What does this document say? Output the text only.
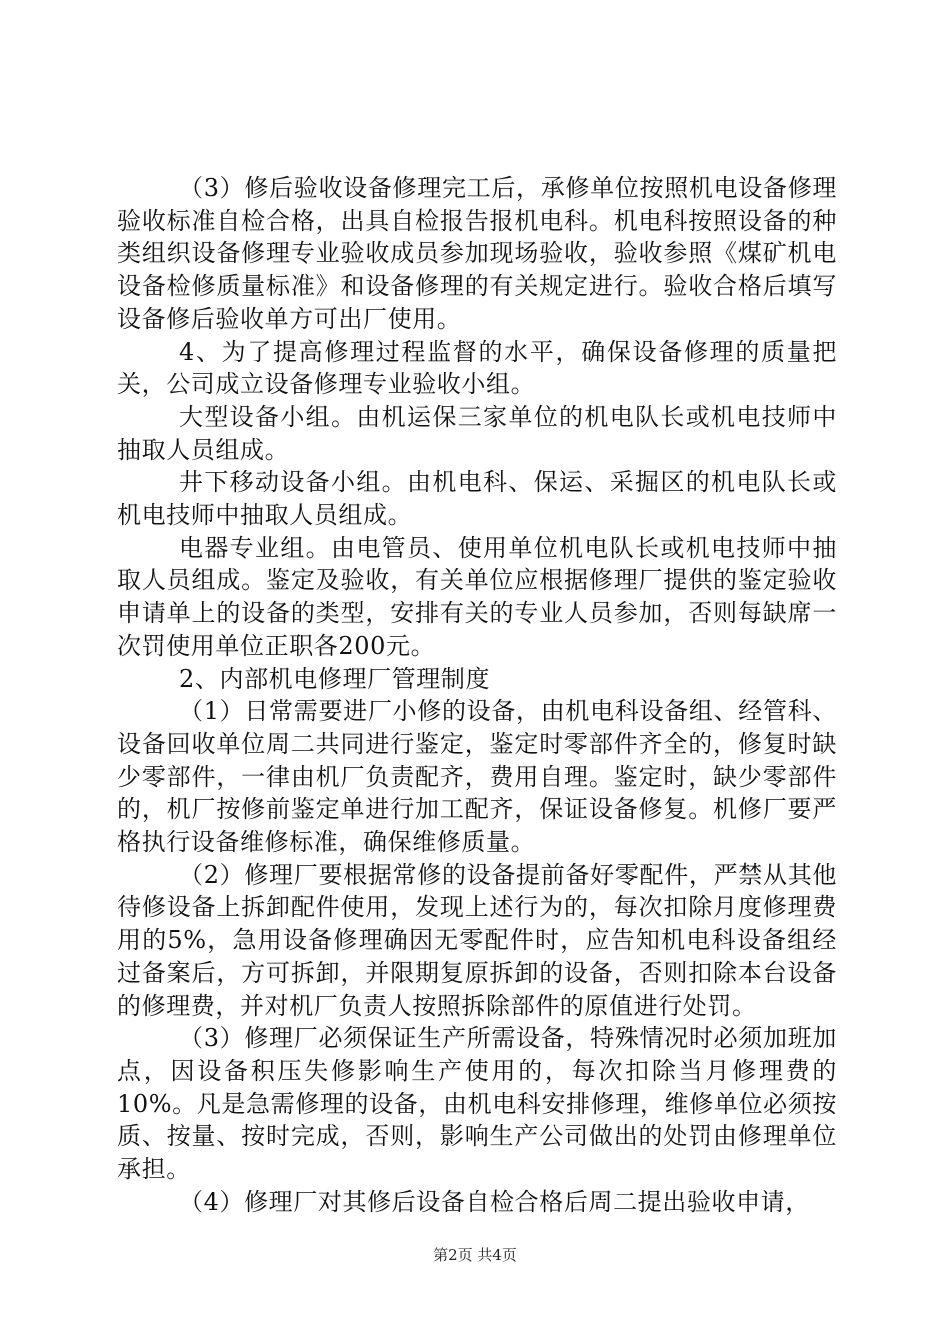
（3）修后验收设备修理完工后，承修单位按照机电设备修理验收标准自检合格，出具自检报告报机电科。机电科按照设备的种类组织设备修理专业验收成员参加现场验收，验收参照《煤矿机电设备检修质量标准》和设备修理的有关规定进行。验收合格后填写设备修后验收单方可出厂使用。

4、为了提高修理过程监督的水平，确保设备修理的质量把关，公司成立设备修理专业验收小组。

大型设备小组。由机运保三家单位的机电队长或机电技师中抽取人员组成。

井下移动设备小组。由机电科、保运、采掘区的机电队长或机电技师中抽取人员组成。

电器专业组。由电管员、使用单位机电队长或机电技师中抽取人员组成。鉴定及验收，有关单位应根据修理厂提供的鉴定验收申请单上的设备的类型，安排有关的专业人员参加，否则每缺席一次罚使用单位正职各200元。

2、内部机电修理厂管理制度

（1）日常需要进厂小修的设备，由机电科设备组、经管科、设备回收单位周二共同进行鉴定，鉴定时零部件齐全的，修复时缺少零部件，一律由机厂负责配齐，费用自理。鉴定时，缺少零部件的，机厂按修前鉴定单进行加工配齐，保证设备修复。机修厂要严格执行设备维修标准，确保维修质量。

（2）修理厂要根据常修的设备提前备好零配件，严禁从其他待修设备上拆卸配件使用，发现上述行为的，每次扣除月度修理费用的5%，急用设备修理确因无零配件时，应告知机电科设备组经过备案后，方可拆卸，并限期复原拆卸的设备，否则扣除本台设备的修理费，并对机厂负责人按照拆除部件的原值进行处罚。

（3）修理厂必须保证生产所需设备，特殊情况时必须加班加点，因设备积压失修影响生产使用的，每次扣除当月修理费的10%。凡是急需修理的设备，由机电科安排修理，维修单位必须按质、按量、按时完成，否则，影响生产公司做出的处罚由修理单位承担。

（4）修理厂对其修后设备自检合格后周二提出验收申请，

第2页 共4页
